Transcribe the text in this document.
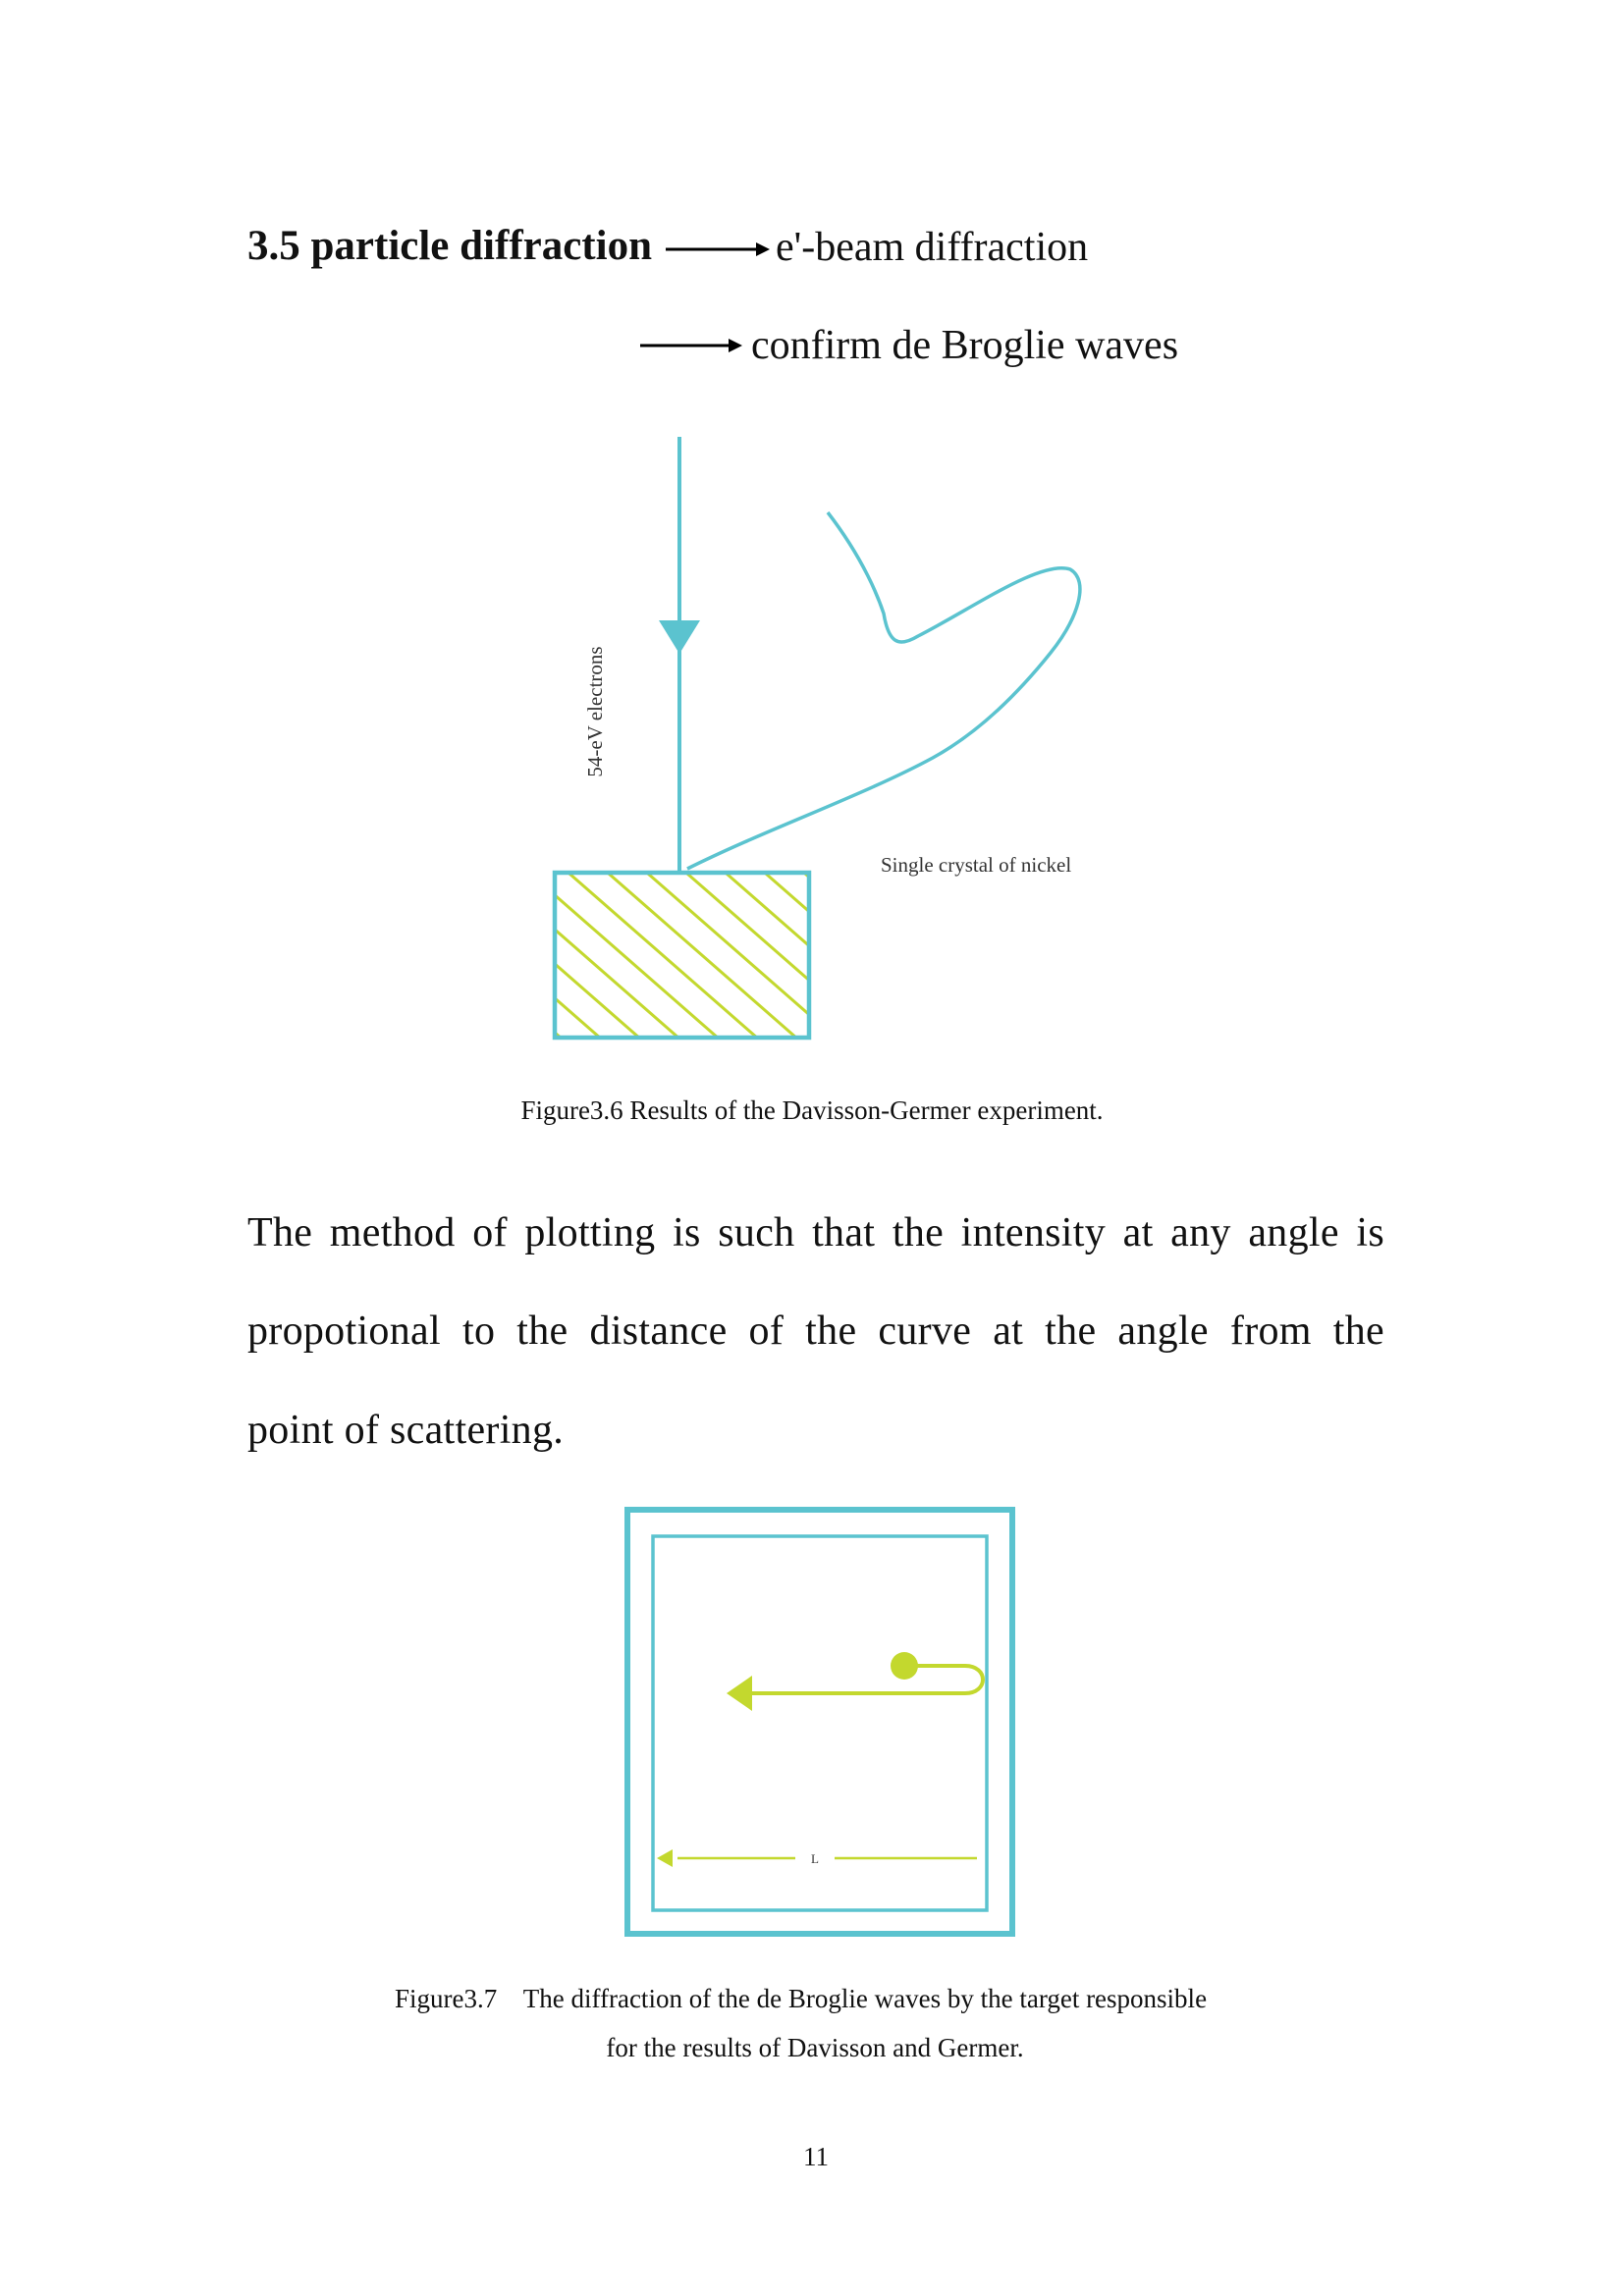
3.5 particle diffraction	e'-beam diffraction
confirm de Broglie waves
54-eV electrons
Single crystal of nickel
L
Figure3.6 Results of the Davisson-Germer experiment.
The method of plotting is such that the intensity at any angle is
propotional to the distance of the curve at the angle from the
point of scattering.
Figure3.7    The diffraction of the de Broglie waves by the target responsible
for the results of Davisson and Germer.
11
